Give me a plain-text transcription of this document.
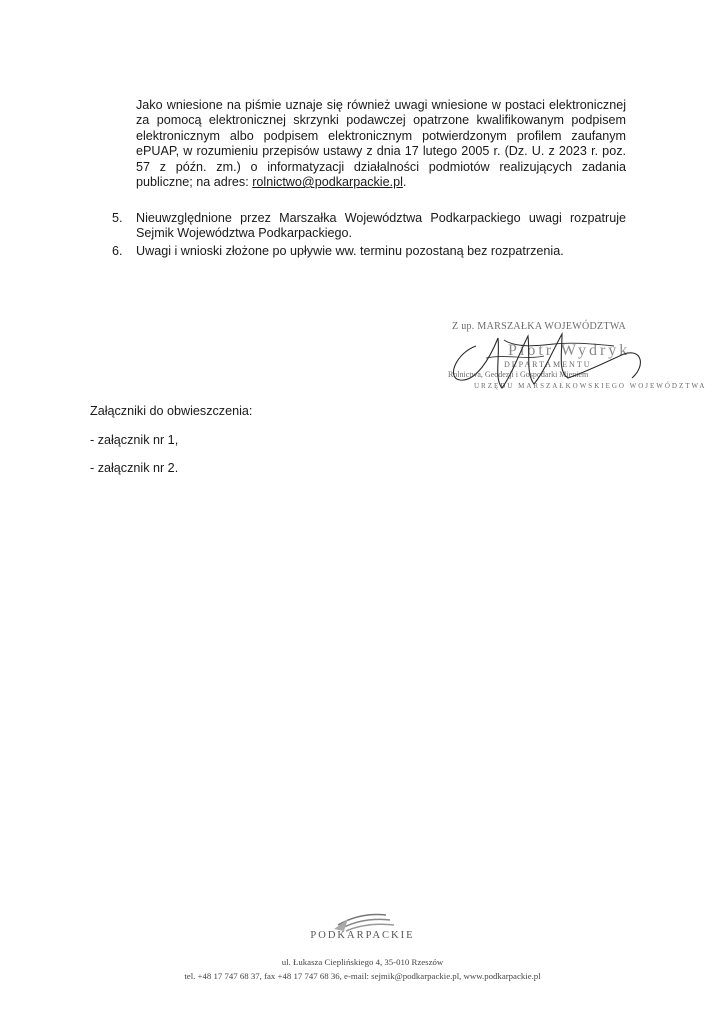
Jako wniesione na piśmie uznaje się również uwagi wniesione w postaci elektronicznej za pomocą elektronicznej skrzynki podawczej opatrzone kwalifikowanym podpisem elektronicznym albo podpisem elektronicznym potwierdzonym profilem zaufanym ePUAP, w rozumieniu przepisów ustawy z dnia 17 lutego 2005 r. (Dz. U. z 2023 r. poz. 57 z późn. zm.) o informatyzacji działalności podmiotów realizujących zadania publiczne; na adres: rolnictwo@podkarpackie.pl.
5.	Nieuwzględnione przez Marszałka Województwa Podkarpackiego uwagi rozpatruje Sejmik Województwa Podkarpackiego.
6.	Uwagi i wnioski złożone po upływie ww. terminu pozostaną bez rozpatrzenia.
Z up. MARSZAŁKA WOJEWÓDZTWA
Piotr Wydryk
DEPARTAMENTU
Rolnictwa, Geodezji i Gospodarki Mieniem
URZĘDU MARSZAŁKOWSKIEGO WOJEWÓDZTWA
Załączniki do obwieszczenia:
- załącznik nr 1,
- załącznik nr 2.
PODKARPACKIE
ul. Łukasza Cieplińskiego 4, 35-010 Rzeszów
tel. +48 17 747 68 37, fax +48 17 747 68 36, e-mail: sejmik@podkarpackie.pl, www.podkarpackie.pl
